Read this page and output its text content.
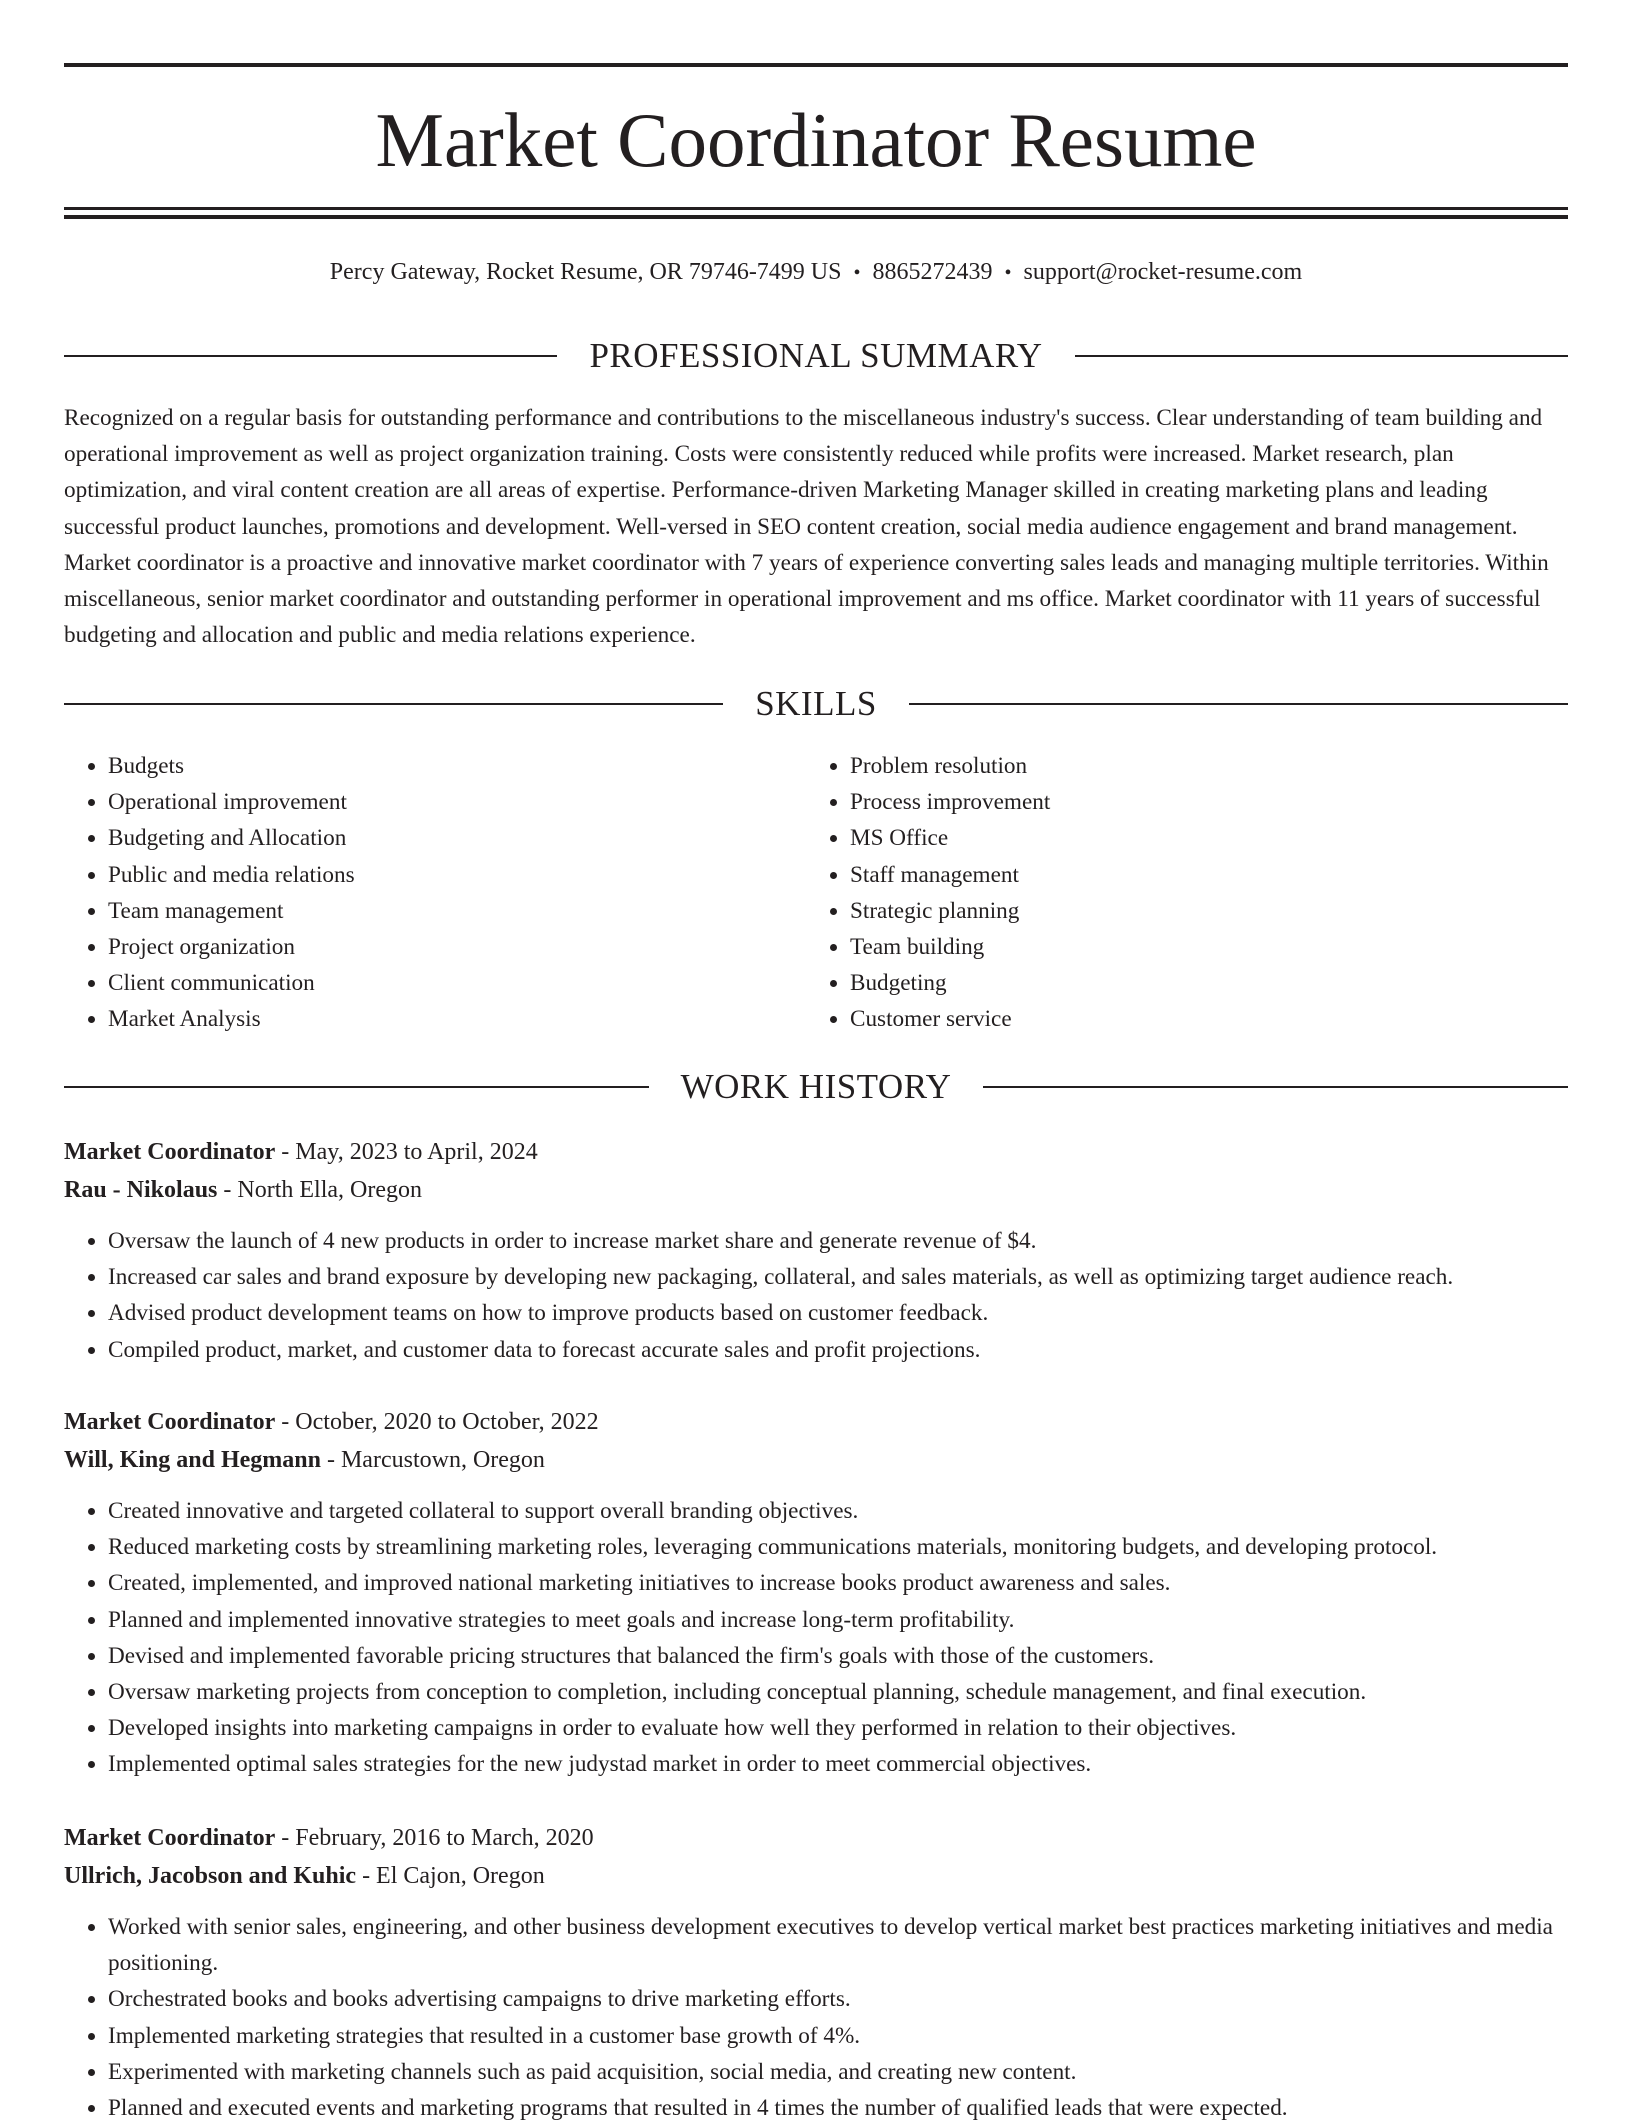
Market Coordinator Resume
Percy Gateway, Rocket Resume, OR 79746-7499 US • 8865272439 • support@rocket-resume.com
PROFESSIONAL SUMMARY

Recognized on a regular basis for outstanding performance and contributions to the miscellaneous industry's success. Clear understanding of team building and operational improvement as well as project organization training. Costs were consistently reduced while profits were increased. Market research, plan optimization, and viral content creation are all areas of expertise. Performance-driven Marketing Manager skilled in creating marketing plans and leading successful product launches, promotions and development. Well-versed in SEO content creation, social media audience engagement and brand management. Market coordinator is a proactive and innovative market coordinator with 7 years of experience converting sales leads and managing multiple territories. Within miscellaneous, senior market coordinator and outstanding performer in operational improvement and ms office. Market coordinator with 11 years of successful budgeting and allocation and public and media relations experience.

SKILLS
• Budgets
• Operational improvement
• Budgeting and Allocation
• Public and media relations
• Team management
• Project organization
• Client communication
• Market Analysis
• Problem resolution
• Process improvement
• MS Office
• Staff management
• Strategic planning
• Team building
• Budgeting
• Customer service
WORK HISTORY

Market Coordinator - May, 2023 to April, 2024

Rau - Nikolaus - North Ella, Oregon

• Oversaw the launch of 4 new products in order to increase market share and generate revenue of $4.
• Increased car sales and brand exposure by developing new packaging, collateral, and sales materials, as well as optimizing target audience reach.
• Advised product development teams on how to improve products based on customer feedback.
• Compiled product, market, and customer data to forecast accurate sales and profit projections.

Market Coordinator - October, 2020 to October, 2022

Will, King and Hegmann - Marcustown, Oregon

• Created innovative and targeted collateral to support overall branding objectives.
• Reduced marketing costs by streamlining marketing roles, leveraging communications materials, monitoring budgets, and developing protocol.
• Created, implemented, and improved national marketing initiatives to increase books product awareness and sales.
• Planned and implemented innovative strategies to meet goals and increase long-term profitability.
• Devised and implemented favorable pricing structures that balanced the firm's goals with those of the customers.
• Oversaw marketing projects from conception to completion, including conceptual planning, schedule management, and final execution.
• Developed insights into marketing campaigns in order to evaluate how well they performed in relation to their objectives.
• Implemented optimal sales strategies for the new judystad market in order to meet commercial objectives.

Market Coordinator - February, 2016 to March, 2020

Ullrich, Jacobson and Kuhic - El Cajon, Oregon

• Worked with senior sales, engineering, and other business development executives to develop vertical market best practices marketing initiatives and media positioning.
• Orchestrated books and books advertising campaigns to drive marketing efforts.
• Implemented marketing strategies that resulted in a customer base growth of 4%.
• Experimented with marketing channels such as paid acquisition, social media, and creating new content.
• Planned and executed events and marketing programs that resulted in 4 times the number of qualified leads that were expected.
